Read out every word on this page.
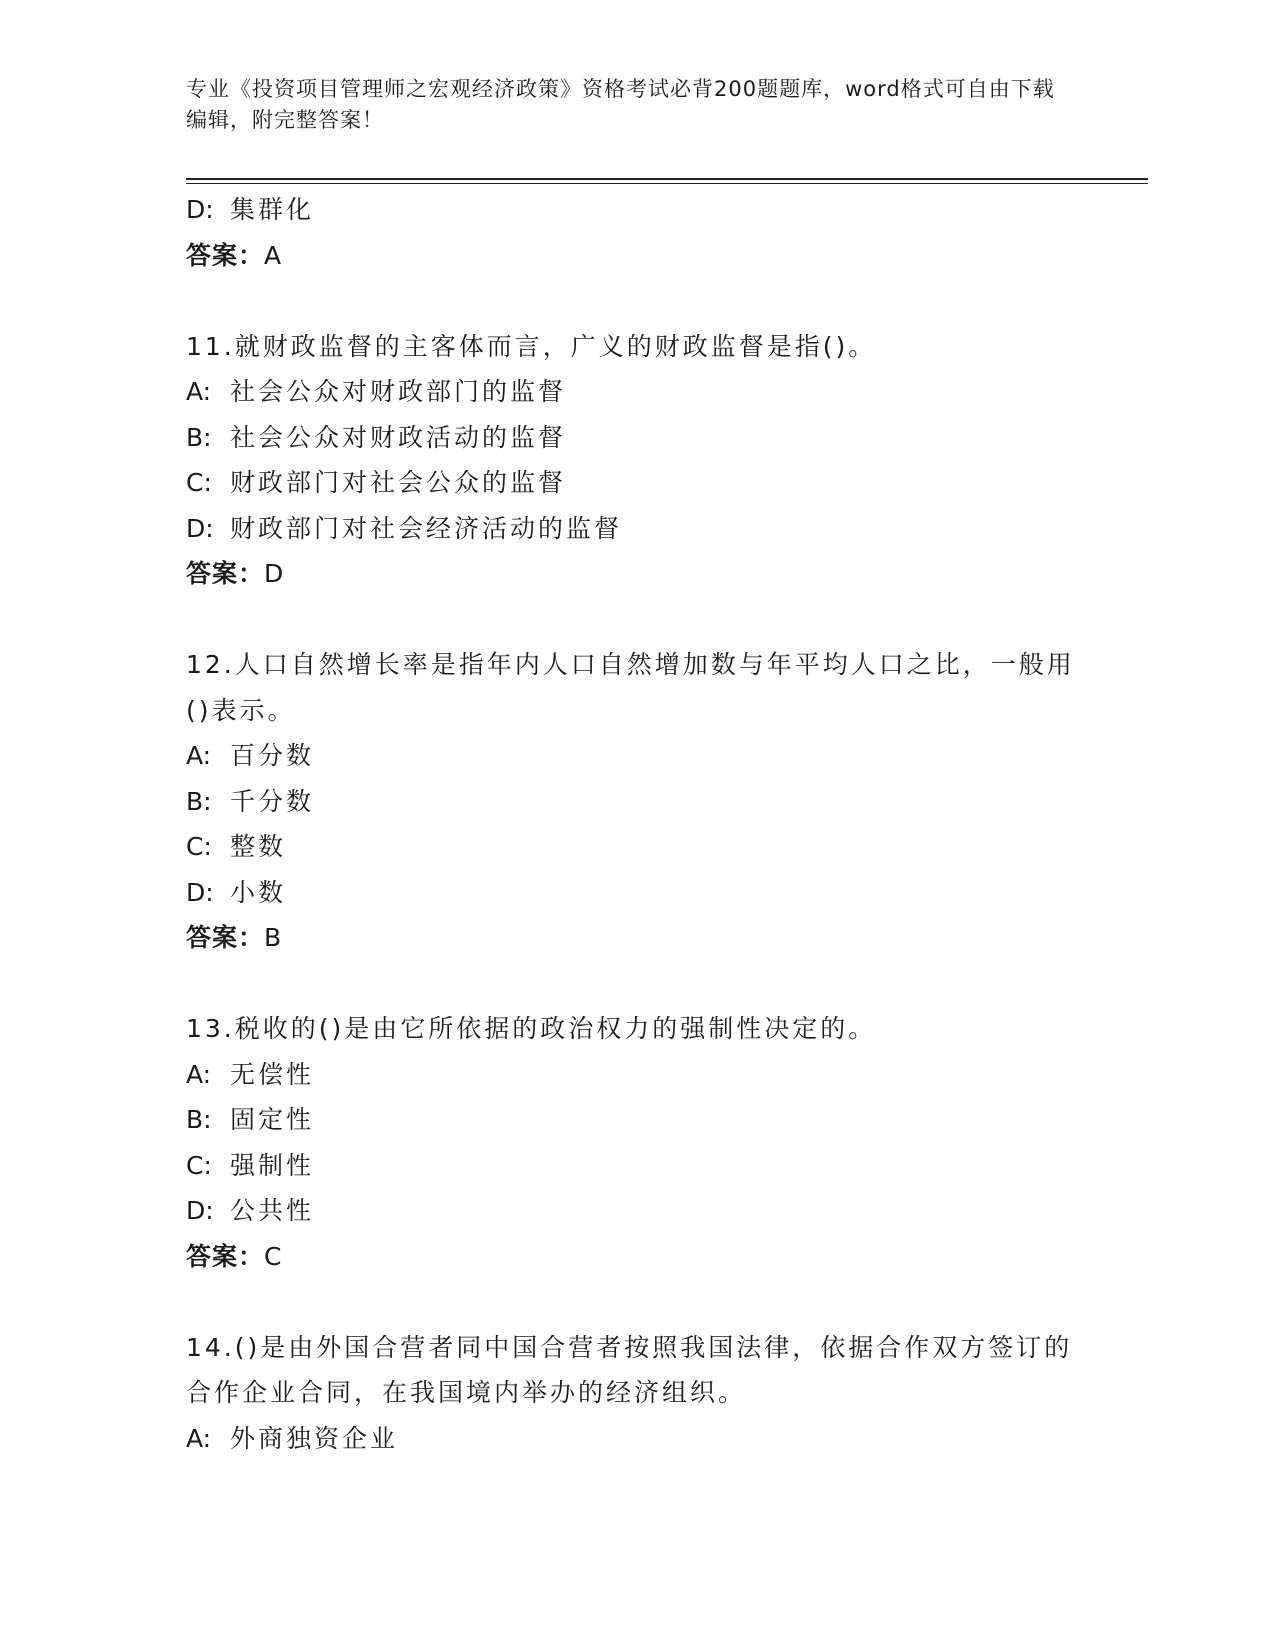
专业《投资项目管理师之宏观经济政策》资格考试必背200题题库，word格式可自由下载编辑，附完整答案！
D: 集群化
答案：A
11.就财政监督的主客体而言，广义的财政监督是指()。
A: 社会公众对财政部门的监督
B: 社会公众对财政活动的监督
C: 财政部门对社会公众的监督
D: 财政部门对社会经济活动的监督
答案：D
12.人口自然增长率是指年内人口自然增加数与年平均人口之比，一般用()表示。
A: 百分数
B: 千分数
C: 整数
D: 小数
答案：B
13.税收的()是由它所依据的政治权力的强制性决定的。
A: 无偿性
B: 固定性
C: 强制性
D: 公共性
答案：C
14.()是由外国合营者同中国合营者按照我国法律，依据合作双方签订的合作企业合同，在我国境内举办的经济组织。
A: 外商独资企业
